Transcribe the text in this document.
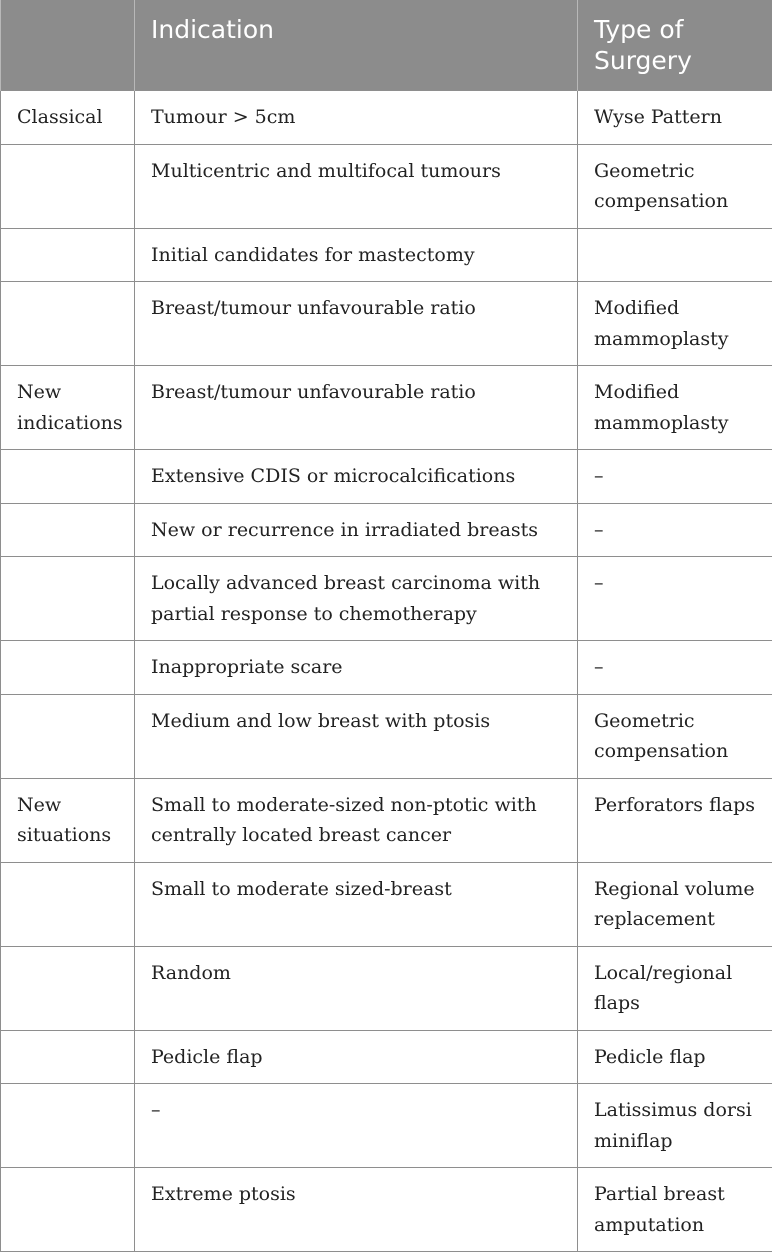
	Indication	Type of Surgery
Classical	Tumour > 5cm	Wyse Pattern
	Multicentric and multifocal tumours	Geometric compensation
	Initial candidates for mastectomy	
	Breast/tumour unfavourable ratio	Modified mammoplasty
New indications	Breast/tumour unfavourable ratio	Modified mammoplasty
	Extensive CDIS or microcalcifications	–
	New or recurrence in irradiated breasts	–
	Locally advanced breast carcinoma with partial response to chemotherapy	–
	Inappropriate scare	–
	Medium and low breast with ptosis	Geometric compensation
New situations	Small to moderate-sized non-ptotic with centrally located breast cancer	Perforators flaps
	Small to moderate sized-breast	Regional volume replacement
	Random	Local/regional flaps
	Pedicle flap	Pedicle flap
	–	Latissimus dorsi miniflap
	Extreme ptosis	Partial breast amputation
